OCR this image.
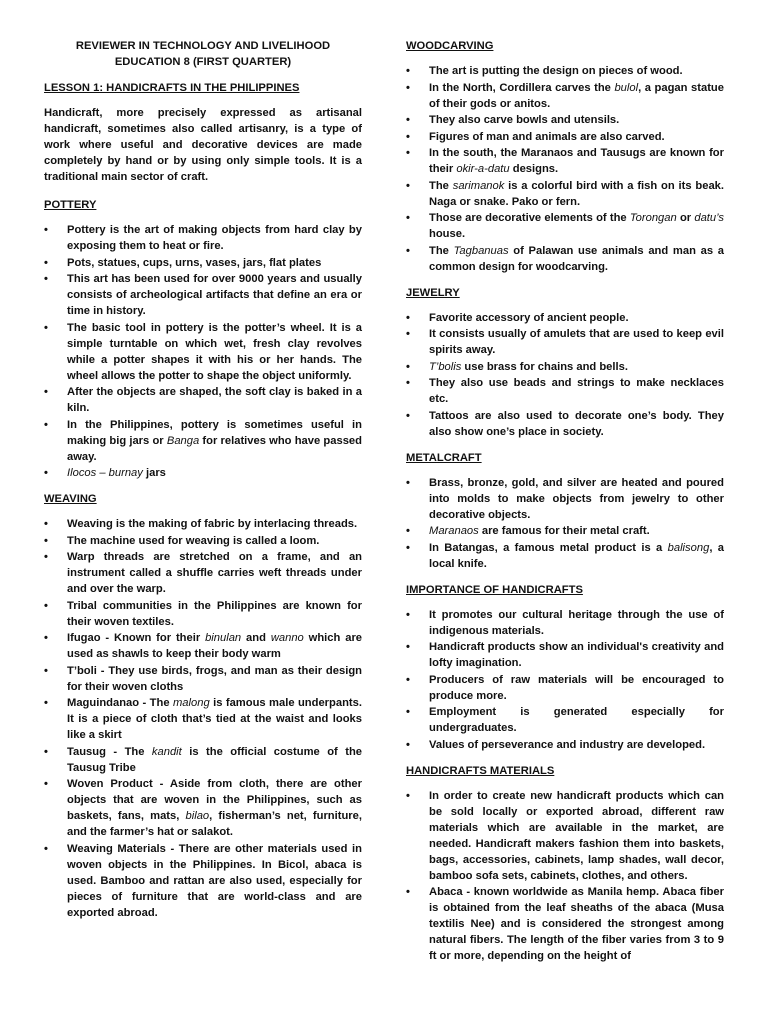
REVIEWER IN TECHNOLOGY AND LIVELIHOOD
EDUCATION 8 (FIRST QUARTER)
LESSON 1: HANDICRAFTS IN THE PHILIPPINES
Handicraft, more precisely expressed as artisanal handicraft, sometimes also called artisanry, is a type of work where useful and decorative devices are made completely by hand or by using only simple tools. It is a traditional main sector of craft.
POTTERY
• Pottery is the art of making objects from hard clay by exposing them to heat or fire.
• Pots, statues, cups, urns, vases, jars, flat plates
• This art has been used for over 9000 years and usually consists of archeological artifacts that define an era or time in history.
• The basic tool in pottery is the potter’s wheel. It is a simple turntable on which wet, fresh clay revolves while a potter shapes it with his or her hands. The wheel allows the potter to shape the object uniformly.
• After the objects are shaped, the soft clay is baked in a kiln.
• In the Philippines, pottery is sometimes useful in making big jars or Banga for relatives who have passed away.
• Ilocos – burnay jars
WEAVING
• Weaving is the making of fabric by interlacing threads.
• The machine used for weaving is called a loom.
• Warp threads are stretched on a frame, and an instrument called a shuffle carries weft threads under and over the warp.
• Tribal communities in the Philippines are known for their woven textiles.
• Ifugao - Known for their binulan and wanno which are used as shawls to keep their body warm
• T’boli - They use birds, frogs, and man as their design for their woven cloths
• Maguindanao - The malong is famous male underpants. It is a piece of cloth that’s tied at the waist and looks like a skirt
• Tausug - The kandit is the official costume of the Tausug Tribe
• Woven Product - Aside from cloth, there are other objects that are woven in the Philippines, such as baskets, fans, mats, bilao, fisherman’s net, furniture, and the farmer’s hat or salakot.
• Weaving Materials - There are other materials used in woven objects in the Philippines. In Bicol, abaca is used. Bamboo and rattan are also used, especially for pieces of furniture that are world-class and are exported abroad.
WOODCARVING
• The art is putting the design on pieces of wood.
• In the North, Cordillera carves the bulol, a pagan statue of their gods or anitos.
• They also carve bowls and utensils.
• Figures of man and animals are also carved.
• In the south, the Maranaos and Tausugs are known for their okir-a-datu designs.
• The sarimanok is a colorful bird with a fish on its beak. Naga or snake. Pako or fern.
• Those are decorative elements of the Torongan or datu’s house.
• The Tagbanuas of Palawan use animals and man as a common design for woodcarving.
JEWELRY
• Favorite accessory of ancient people.
• It consists usually of amulets that are used to keep evil spirits away.
• T’bolis use brass for chains and bells.
• They also use beads and strings to make necklaces etc.
• Tattoos are also used to decorate one’s body. They also show one’s place in society.
METALCRAFT
• Brass, bronze, gold, and silver are heated and poured into molds to make objects from jewelry to other decorative objects.
• Maranaos are famous for their metal craft.
• In Batangas, a famous metal product is a balisong, a local knife.
IMPORTANCE OF HANDICRAFTS
• It promotes our cultural heritage through the use of indigenous materials.
• Handicraft products show an individual's creativity and lofty imagination.
• Producers of raw materials will be encouraged to produce more.
• Employment is generated especially for undergraduates.
• Values of perseverance and industry are developed.
HANDICRAFTS MATERIALS
• In order to create new handicraft products which can be sold locally or exported abroad, different raw materials which are available in the market, are needed. Handicraft makers fashion them into baskets, bags, accessories, cabinets, lamp shades, wall decor, bamboo sofa sets, cabinets, clothes, and others.
• Abaca - known worldwide as Manila hemp. Abaca fiber is obtained from the leaf sheaths of the abaca (Musa textilis Nee) and is considered the strongest among natural fibers. The length of the fiber varies from 3 to 9 ft or more, depending on the height of
